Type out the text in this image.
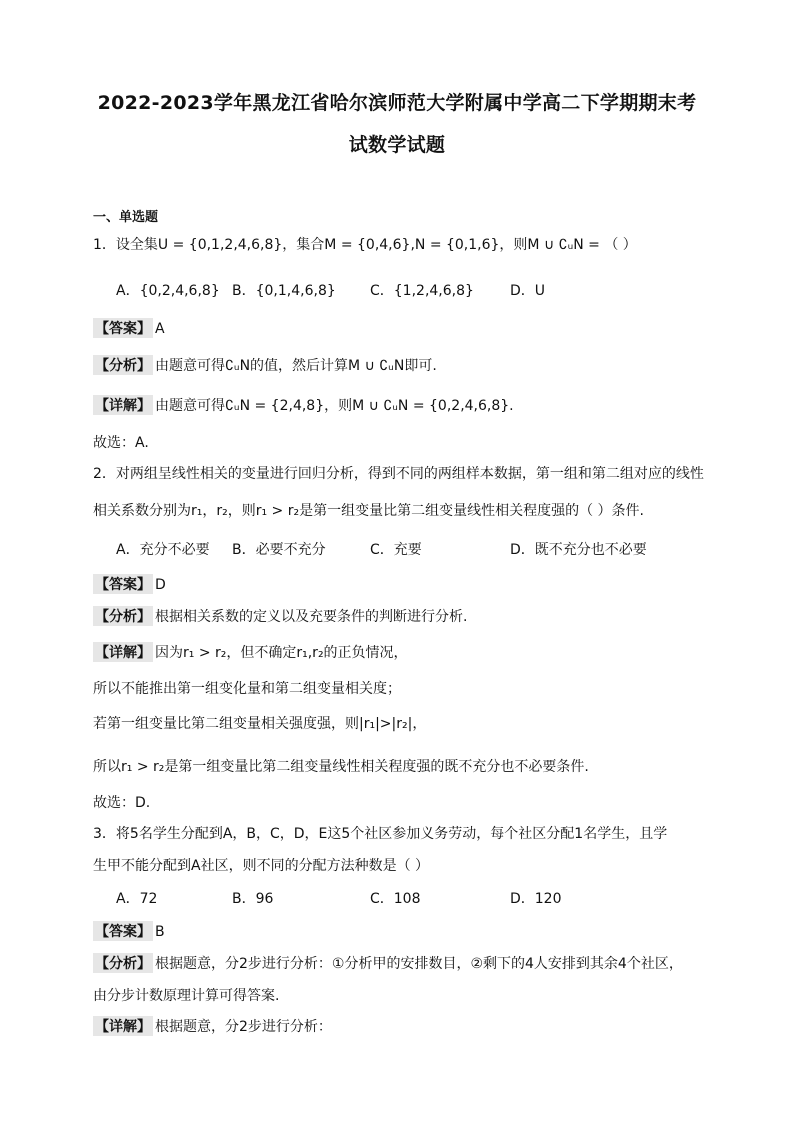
2022-2023学年黑龙江省哈尔滨师范大学附属中学高二下学期期末考
试数学试题
一、单选题
1．设全集U = {0,1,2,4,6,8}，集合M = {0,4,6},N = {0,1,6}，则M ∪ ∁ᵤN = （ ）
A．{0,2,4,6,8} B．{0,1,4,6,8} C．{1,2,4,6,8}	D．U
【答案】 A
【分析】 由题意可得∁ᵤN的值，然后计算M ∪ ∁ᵤN即可.
【详解】 由题意可得∁ᵤN = {2,4,8}，则M ∪ ∁ᵤN = {0,2,4,6,8}.
故选：A.
2．对两组呈线性相关的变量进行回归分析，得到不同的两组样本数据，第一组和第二组对应的线性
相关系数分别为r₁，r₂，则r₁ > r₂是第一组变量比第二组变量线性相关程度强的（ ）条件.
A．充分不必要 B．必要不充分	C．充要	D．既不充分也不必要
【答案】 D
【分析】 根据相关系数的定义以及充要条件的判断进行分析.
【详解】 因为r₁ > r₂，但不确定r₁,r₂的正负情况，
所以不能推出第一组变化量和第二组变量相关度；
若第一组变量比第二组变量相关强度强，则|r₁|>|r₂|，
所以r₁ > r₂是第一组变量比第二组变量线性相关程度强的既不充分也不必要条件.
故选：D.
3．将5名学生分配到A，B，C，D，E这5个社区参加义务劳动，每个社区分配1名学生，且学
生甲不能分配到A社区，则不同的分配方法种数是（ ）
A．72	B．96	C．108	D．120
【答案】 B
【分析】 根据题意，分2步进行分析：①分析甲的安排数目，②剩下的4人安排到其余4个社区，
由分步计数原理计算可得答案.
【详解】 根据题意，分2步进行分析：
